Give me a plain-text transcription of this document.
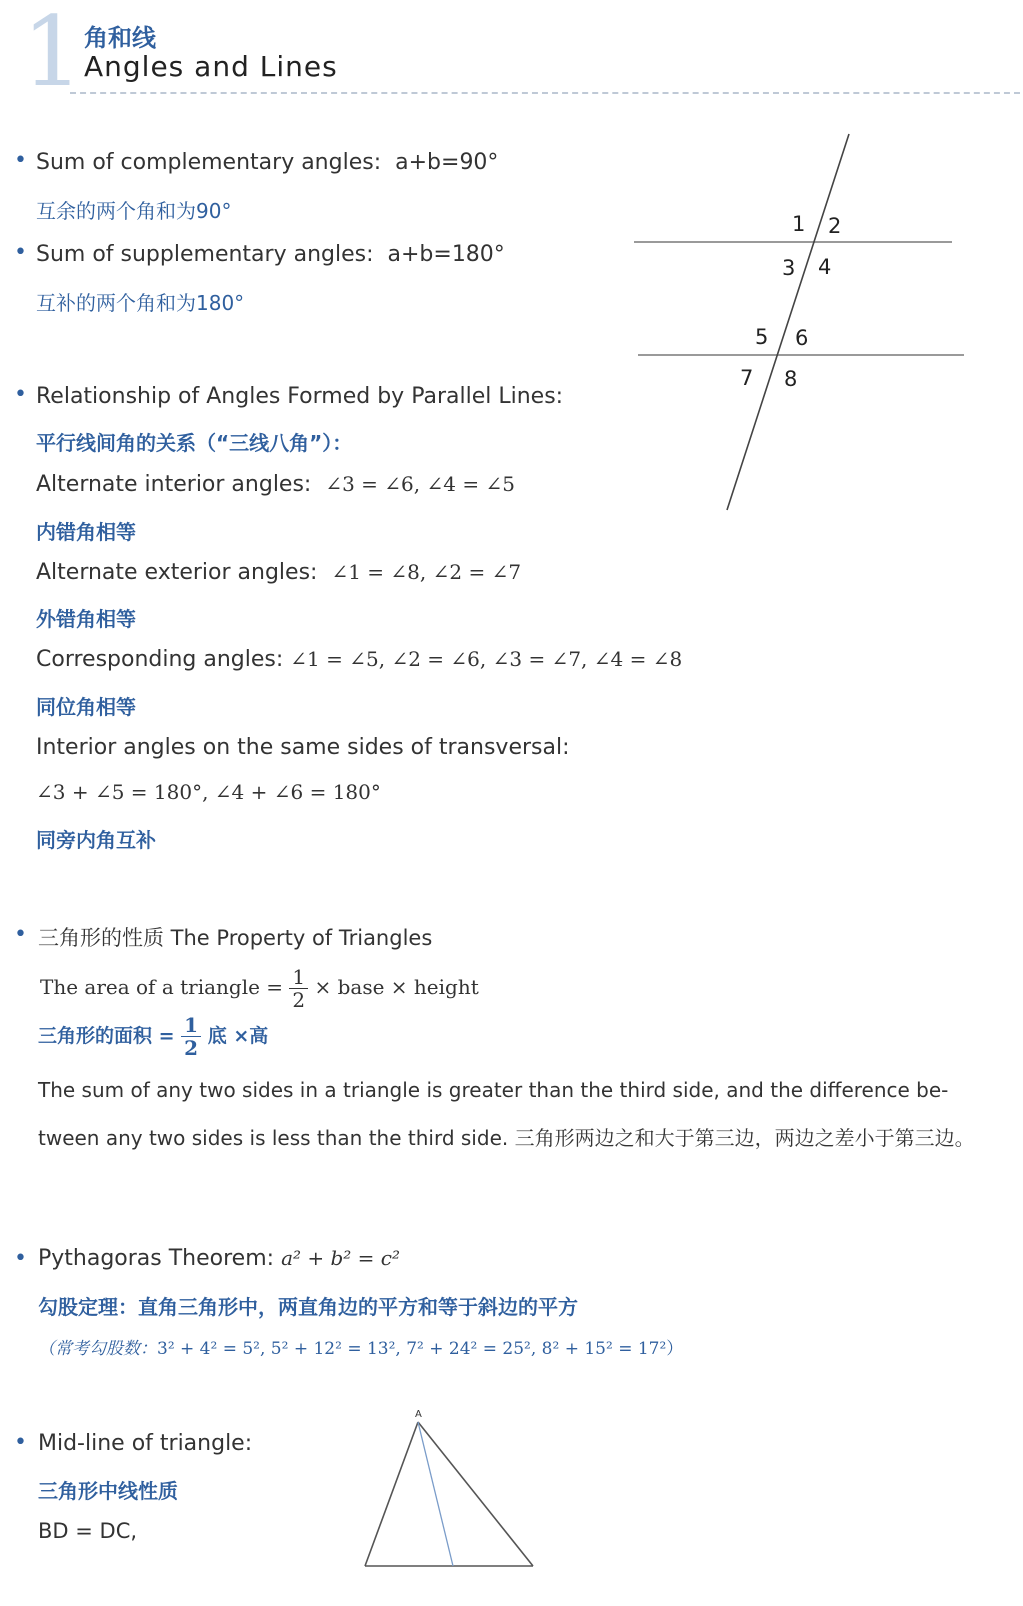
1 角和线
Angles and Lines
• Sum of complementary angles: a+b=90°
互余的两个角和为90°
• Sum of supplementary angles: a+b=180°
互补的两个角和为180°
1 2
3 4
5 6
7 8
• Relationship of Angles Formed by Parallel Lines:
平行线间角的关系（“三线八角”）：
Alternate interior angles: ∠3 = ∠6, ∠4 = ∠5
内错角相等
Alternate exterior angles: ∠1 = ∠8, ∠2 = ∠7
外错角相等
Corresponding angles: ∠1 = ∠5, ∠2 = ∠6, ∠3 = ∠7, ∠4 = ∠8
同位角相等
Interior angles on the same sides of transversal:
∠3 + ∠5 = 180°, ∠4 + ∠6 = 180°
同旁内角互补
• 三角形的性质 The Property of Triangles
The area of a triangle = $\frac{1}{2}$ × base × height
三角形的面积 = $\frac{1}{2}$ 底 ×高
The sum of any two sides in a triangle is greater than the third side, and the difference be-
tween any two sides is less than the third side. 三角形两边之和大于第三边，两边之差小于第三边。
• Pythagoras Theorem: a² + b² = c²
勾股定理：直角三角形中，两直角边的平方和等于斜边的平方
（常考勾股数：3² + 4² = 5², 5² + 12² = 13², 7² + 24² = 25², 8² + 15² = 17²）
• Mid-line of triangle:
三角形中线性质
BD = DC,
A
